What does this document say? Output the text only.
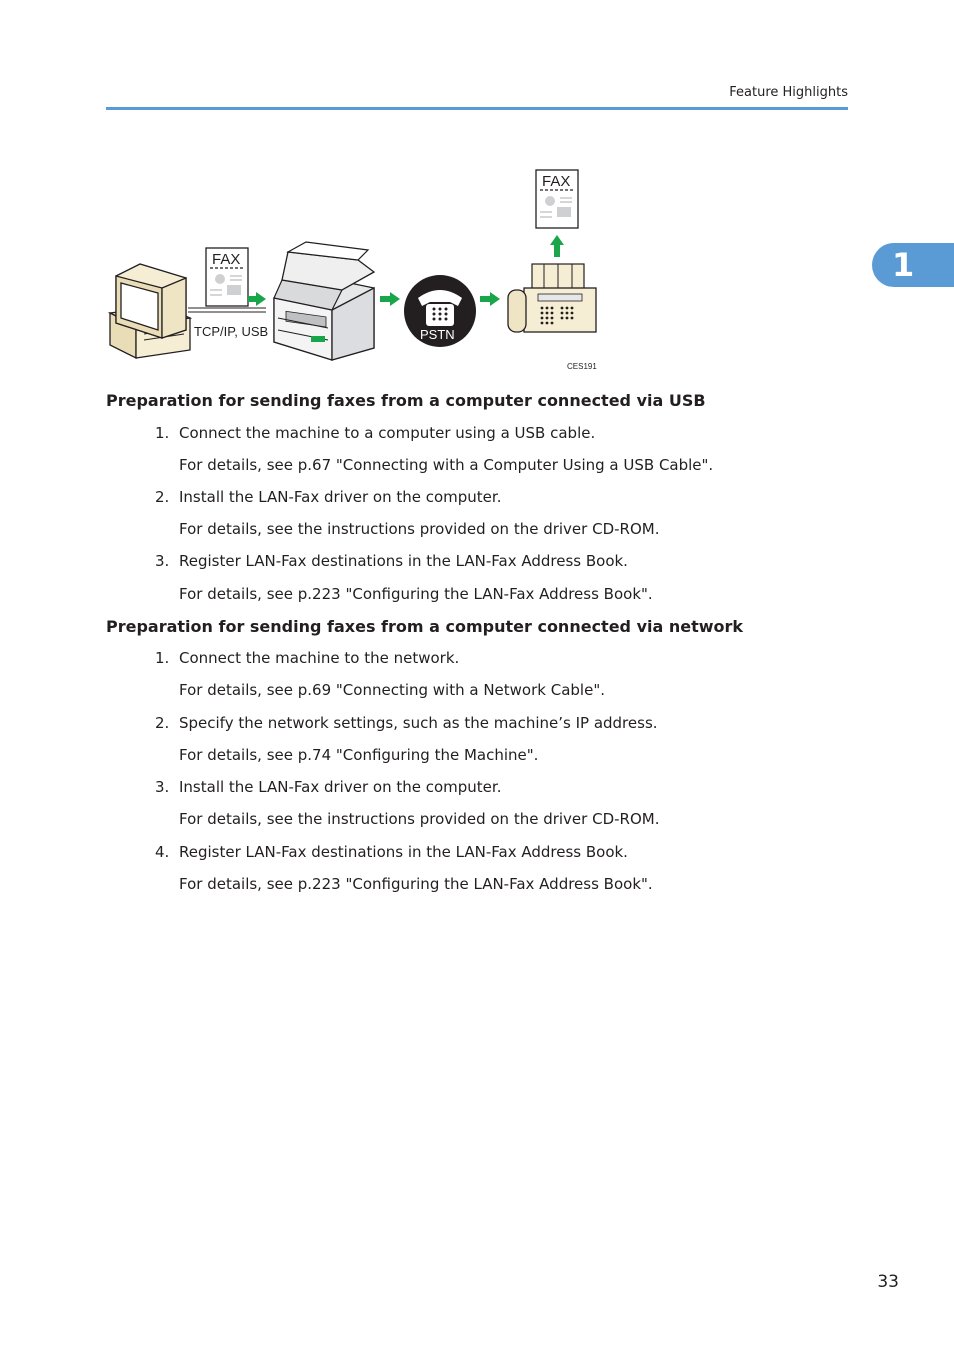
Feature Highlights
1
FAX
TCP/IP, USB	PSTN
FAX
CES191
Preparation for sending faxes from a computer connected via USB
1. Connect the machine to a computer using a USB cable.
For details, see p.67 "Connecting with a Computer Using a USB Cable".
2. Install the LAN-Fax driver on the computer.
For details, see the instructions provided on the driver CD-ROM.
3. Register LAN-Fax destinations in the LAN-Fax Address Book.
For details, see p.223 "Configuring the LAN-Fax Address Book".
Preparation for sending faxes from a computer connected via network
1. Connect the machine to the network.
For details, see p.69 "Connecting with a Network Cable".
2. Specify the network settings, such as the machine’s IP address.
For details, see p.74 "Configuring the Machine".
3. Install the LAN-Fax driver on the computer.
For details, see the instructions provided on the driver CD-ROM.
4. Register LAN-Fax destinations in the LAN-Fax Address Book.
For details, see p.223 "Configuring the LAN-Fax Address Book".
33
